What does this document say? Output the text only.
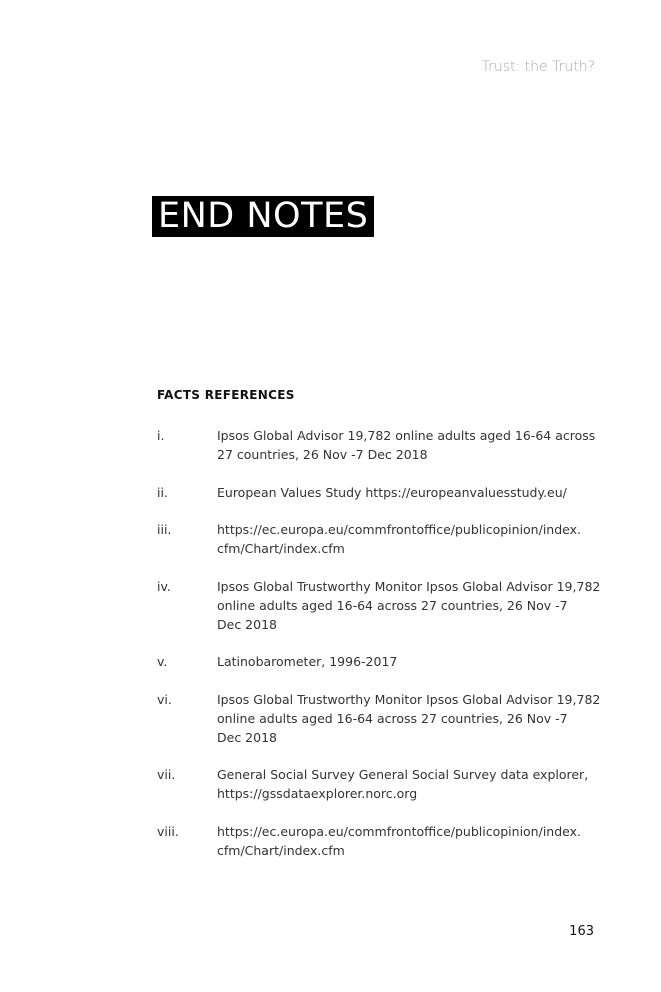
Trust: the Truth?
END NOTES
FACTS REFERENCES
i.	Ipsos Global Advisor 19,782 online adults aged 16-64 across
27 countries, 26 Nov -7 Dec 2018
ii.	European Values Study https://europeanvaluesstudy.eu/
iii.	https://ec.europa.eu/commfrontoffice/publicopinion/index.
cfm/Chart/index.cfm
iv.	Ipsos Global Trustworthy Monitor Ipsos Global Advisor 19,782
online adults aged 16-64 across 27 countries, 26 Nov -7
Dec 2018
v.	Latinobarometer, 1996-2017
vi.	Ipsos Global Trustworthy Monitor Ipsos Global Advisor 19,782
online adults aged 16-64 across 27 countries, 26 Nov -7
Dec 2018
vii.	General Social Survey General Social Survey data explorer,
https://gssdataexplorer.norc.org
viii.	https://ec.europa.eu/commfrontoffice/publicopinion/index.
cfm/Chart/index.cfm
163
